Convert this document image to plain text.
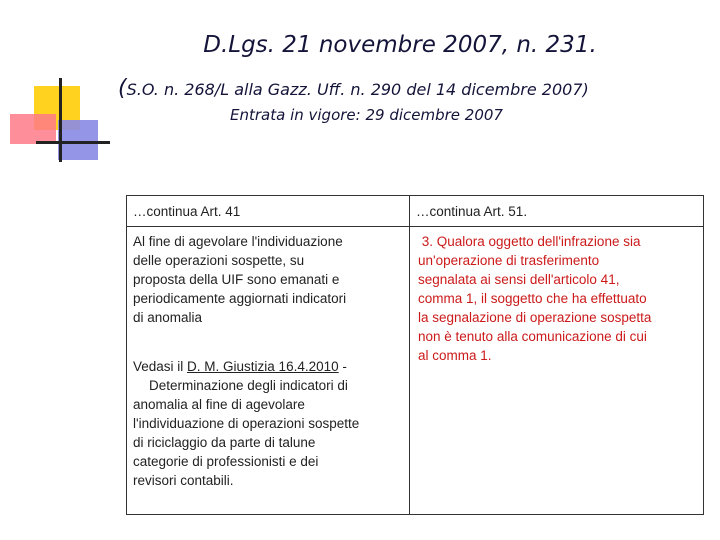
D.Lgs. 21 novembre 2007, n. 231.
(S.O. n. 268/L alla Gazz. Uff. n. 290 del 14 dicembre 2007)
Entrata in vigore: 29 dicembre 2007
…continua Art. 41	…continua Art. 51.

Al fine di agevolare l'individuazione

delle operazioni sospette, su

proposta della UIF sono emanati e

periodicamente aggiornati indicatori

di anomalia

Vedasi il D. M. Giustizia 16.4.2010 -

Determinazione degli indicatori di

anomalia al fine di agevolare

l'individuazione di operazioni sospette

di riciclaggio da parte di talune

categorie di professionisti e dei

revisori contabili.

3. Qualora oggetto dell'infrazione sia
un'operazione di trasferimento
segnalata ai sensi dell'articolo 41,
comma 1, il soggetto che ha effettuato
la segnalazione di operazione sospetta
non è tenuto alla comunicazione di cui
al comma 1.
